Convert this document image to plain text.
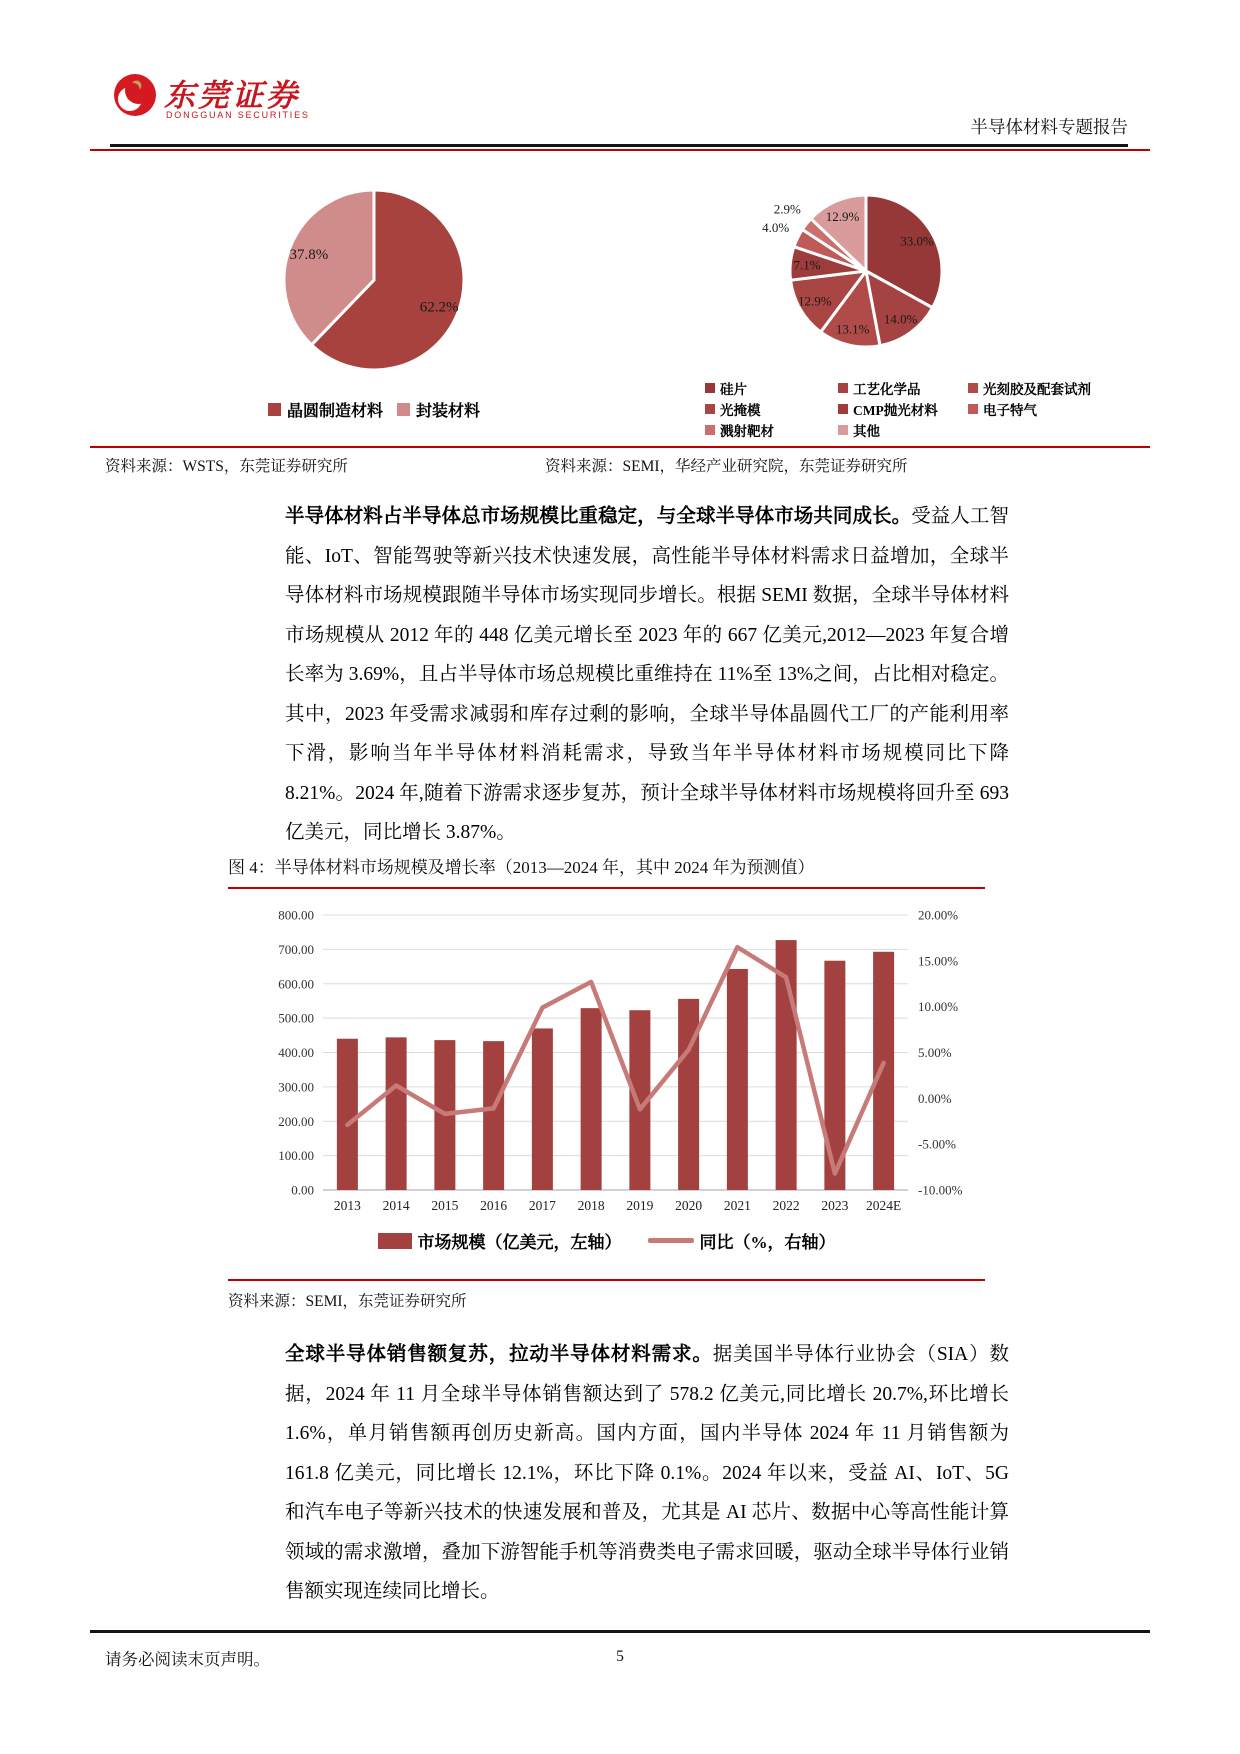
东莞证券
DONGGUAN SECURITIES
半导体材料专题报告
62.2%
37.8%
晶圆制造材料 封装材料
33.0%
14.0%
13.1%
12.9%
7.1%
4.0%
2.9%
12.9%
硅片	工艺化学品	光刻胶及配套试剂
光掩模	CMP抛光材料	电子特气
溅射靶材	其他
资料来源：WSTS，东莞证券研究所	资料来源：SEMI，华经产业研究院，东莞证券研究所
半导体材料占半导体总市场规模比重稳定，与全球半导体市场共同成长。受益人工智能、IoT、智能驾驶等新兴技术快速发展，高性能半导体材料需求日益增加，全球半导体材料市场规模跟随半导体市场实现同步增长。根据 SEMI 数据，全球半导体材料市场规模从 2012 年的 448 亿美元增长至 2023 年的 667 亿美元,2012—2023 年复合增长率为 3.69%，且占半导体市场总规模比重维持在 11%至 13%之间，占比相对稳定。其中，2023 年受需求减弱和库存过剩的影响，全球半导体晶圆代工厂的产能利用率下滑，影响当年半导体材料消耗需求，导致当年半导体材料市场规模同比下降 8.21%。2024 年,随着下游需求逐步复苏，预计全球半导体材料市场规模将回升至 693 亿美元，同比增长 3.87%。
图 4：半导体材料市场规模及增长率（2013—2024 年，其中 2024 年为预测值）
800.00
700.00
600.00
500.00
400.00
300.00
200.00
100.00
0.00
20.00%
15.00%
10.00%
5.00%
0.00%
-5.00%
-10.00%
2013 2014 2015 2016 2017 2018 2019 2020 2021 2022 2023 2024E
市场规模（亿美元，左轴）	同比（%，右轴）
资料来源：SEMI，东莞证券研究所
全球半导体销售额复苏，拉动半导体材料需求。据美国半导体行业协会（SIA）数据，2024 年 11 月全球半导体销售额达到了 578.2 亿美元,同比增长 20.7%,环比增长 1.6%，单月销售额再创历史新高。国内方面，国内半导体 2024 年 11 月销售额为 161.8 亿美元，同比增长 12.1%，环比下降 0.1%。2024 年以来，受益 AI、IoT、5G 和汽车电子等新兴技术的快速发展和普及，尤其是 AI 芯片、数据中心等高性能计算领域的需求激增，叠加下游智能手机等消费类电子需求回暖，驱动全球半导体行业销售额实现连续同比增长。
请务必阅读末页声明。	5
